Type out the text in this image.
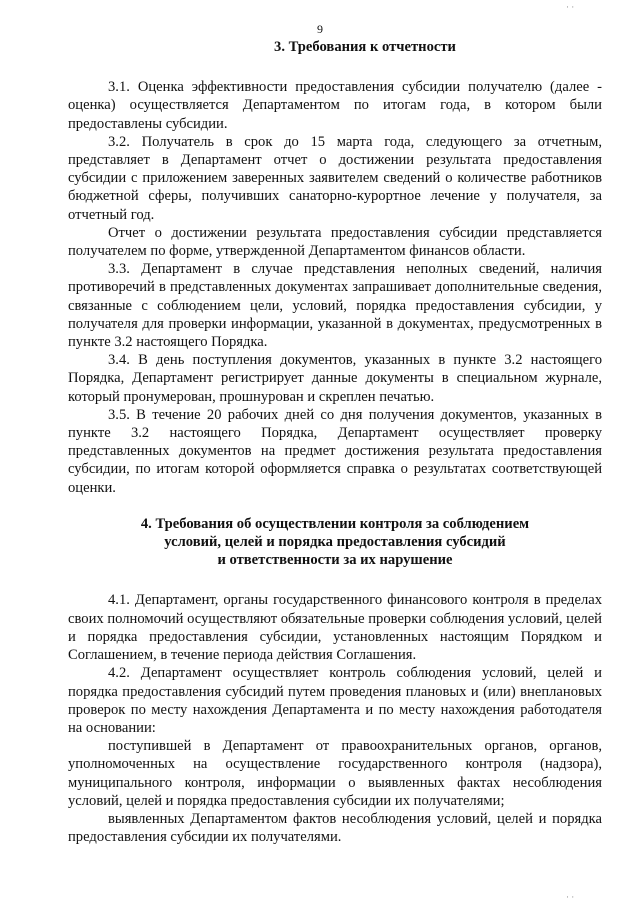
· ·
9
3. Требования к отчетности

3.1. Оценка эффективности предоставления субсидии получателю (далее - оценка) осуществляется Департаментом по итогам года, в котором были предоставлены субсидии.

3.2. Получатель в срок до 15 марта года, следующего за отчетным, представляет в Департамент отчет о достижении результата предоставления субсидии с приложением заверенных заявителем сведений о количестве работников бюджетной сферы, получивших санаторно-курортное лечение у получателя, за отчетный год.

Отчет о достижении результата предоставления субсидии представляется получателем по форме, утвержденной Департаментом финансов области.

3.3. Департамент в случае представления неполных сведений, наличия противоречий в представленных документах запрашивает дополнительные сведения, связанные с соблюдением цели, условий, порядка предоставления субсидии, у получателя для проверки информации, указанной в документах, предусмотренных в пункте 3.2 настоящего Порядка.

3.4. В день поступления документов, указанных в пункте 3.2 настоящего Порядка, Департамент регистрирует данные документы в специальном журнале, который пронумерован, прошнурован и скреплен печатью.

3.5. В течение 20 рабочих дней со дня получения документов, указанных в пункте 3.2 настоящего Порядка, Департамент осуществляет проверку представленных документов на предмет достижения результата предоставления субсидии, по итогам которой оформляется справка о результатах соответствующей оценки.

4. Требования об осуществлении контроля за соблюдением
условий, целей и порядка предоставления субсидий
и ответственности за их нарушение

4.1. Департамент, органы государственного финансового контроля в пределах своих полномочий осуществляют обязательные проверки соблюдения условий, целей и порядка предоставления субсидии, установленных настоящим Порядком и Соглашением, в течение периода действия Соглашения.

4.2. Департамент осуществляет контроль соблюдения условий, целей и порядка предоставления субсидий путем проведения плановых и (или) внеплановых проверок по месту нахождения Департамента и по месту нахождения работодателя на основании:

поступившей в Департамент от правоохранительных органов, органов, уполномоченных на осуществление государственного контроля (надзора), муниципального контроля, информации о выявленных фактах несоблюдения условий, целей и порядка предоставления субсидии их получателями;

выявленных Департаментом фактов несоблюдения условий, целей и порядка предоставления субсидии их получателями.

· ·
